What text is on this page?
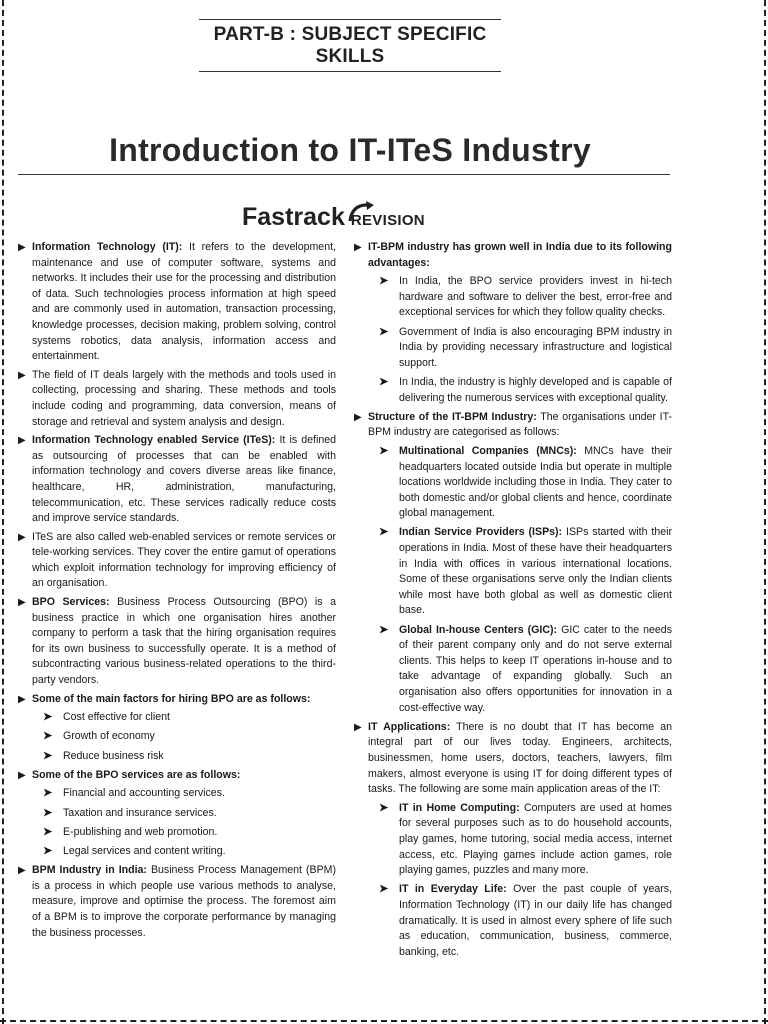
PART-B : SUBJECT SPECIFIC SKILLS
Introduction to IT-ITeS Industry
Fastrack REVISION
▶ Information Technology (IT): It refers to the development, maintenance and use of computer software, systems and networks. It includes their use for the processing and distribution of data. Such technologies process information at high speed and are commonly used in automation, transaction processing, knowledge processes, decision making, problem solving, control systems robotics, data analysis, information access and entertainment.
▶ The field of IT deals largely with the methods and tools used in collecting, processing and sharing. These methods and tools include coding and programming, data conversion, means of storage and retrieval and system analysis and design.
▶ Information Technology enabled Service (ITeS): It is defined as outsourcing of processes that can be enabled with information technology and covers diverse areas like finance, healthcare, HR, administration, manufacturing, telecommunication, etc. These services radically reduce costs and improve service standards.
▶ ITeS are also called web-enabled services or remote services or tele-working services. They cover the entire gamut of operations which exploit information technology for improving efficiency of an organisation.
▶ BPO Services: Business Process Outsourcing (BPO) is a business practice in which one organisation hires another company to perform a task that the hiring organisation requires for its own business to successfully operate. It is a method of subcontracting various business-related operations to the third-party vendors.
▶ Some of the main factors for hiring BPO are as follows:
➤ Cost effective for client
➤ Growth of economy
➤ Reduce business risk
▶ Some of the BPO services are as follows:
➤ Financial and accounting services.
➤ Taxation and insurance services.
➤ E-publishing and web promotion.
➤ Legal services and content writing.
▶ BPM Industry in India: Business Process Management (BPM) is a process in which people use various methods to analyse, measure, improve and optimise the process. The foremost aim of a BPM is to improve the corporate performance by managing the business processes.
▶ IT-BPM industry has grown well in India due to its following advantages:
➤ In India, the BPO service providers invest in hi-tech hardware and software to deliver the best, error-free and exceptional services for which they follow quality checks.
➤ Government of India is also encouraging BPM industry in India by providing necessary infrastructure and logistical support.
➤ In India, the industry is highly developed and is capable of delivering the numerous services with exceptional quality.
▶ Structure of the IT-BPM Industry: The organisations under IT-BPM industry are categorised as follows:
➤ Multinational Companies (MNCs): MNCs have their headquarters located outside India but operate in multiple locations worldwide including those in India. They cater to both domestic and/or global clients and hence, coordinate global management.
➤ Indian Service Providers (ISPs): ISPs started with their operations in India. Most of these have their headquarters in India with offices in various international locations. Some of these organisations serve only the Indian clients while most have both global as well as domestic client base.
➤ Global In-house Centers (GIC): GIC cater to the needs of their parent company only and do not serve external clients. This helps to keep IT operations in-house and to take advantage of expanding globally. Such an organisation also offers opportunities for innovation in a cost-effective way.
▶ IT Applications: There is no doubt that IT has become an integral part of our lives today. Engineers, architects, businessmen, home users, doctors, teachers, lawyers, film makers, almost everyone is using IT for doing different types of tasks. The following are some main application areas of the IT:
➤ IT in Home Computing: Computers are used at homes for several purposes such as to do household accounts, play games, home tutoring, social media access, internet access, etc. Playing games include action games, role playing games, puzzles and many more.
➤ IT in Everyday Life: Over the past couple of years, Information Technology (IT) in our daily life has changed dramatically. It is used in almost every sphere of life such as education, communication, business, commerce, banking, etc.
